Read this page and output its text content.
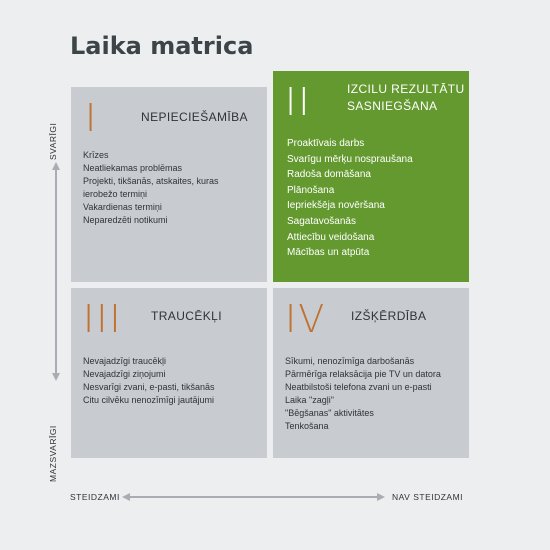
Laika matrica
I	NEPIECIEŠAMĪBA
Krīzes
Neatliekamas problēmas
Projekti, tikšanās, atskaites, kuras ierobežo termiņi
Vakardienas termiņi
Neparedzēti notikumi
II	IZCILU REZULTĀTU SASNIEGŠANA
Proaktīvais darbs
Svarīgu mērķu nospraušana
Radoša domāšana
Plānošana
Iepriekšēja novēršana
Sagatavošanās
Attiecību veidošana
Mācības un atpūta
III TRAUCĒKĻI
Nevajadzīgi traucēkļi
Nevajadzīgi ziņojumi
Nesvarīgi zvani, e-pasti, tikšanās
Citu cilvēku nenozīmīgi jautājumi
IV IZŠĶĒRDĪBA
Sīkumi, nenozīmīga darbošanās
Pārmērīga relaksācija pie TV un datora
Neatbilstoši telefona zvani un e-pasti
Laika "zagļi"
"Bēgšanas" aktivitātes
Tenkošana
SVARĪGI
MAZSVARĪGI
STEIDZAMI	NAV STEIDZAMI
